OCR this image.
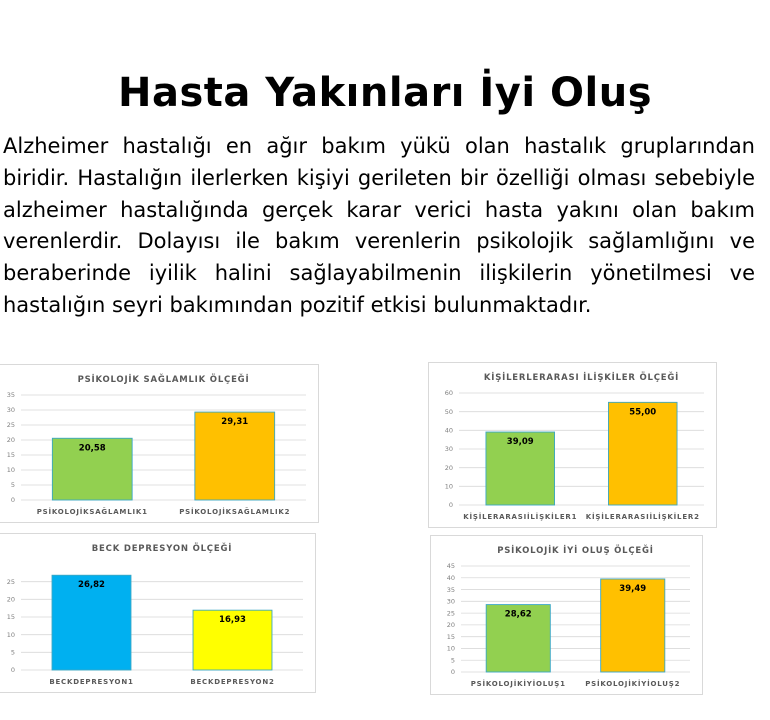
Hasta Yakınları İyi Oluş
Alzheimer hastalığı en ağır bakım yükü olan hastalık gruplarından biridir. Hastalığın ilerlerken kişiyi gerileten bir özelliği olması sebebiyle alzheimer hastalığında gerçek karar verici hasta yakını olan bakım verenlerdir. Dolayısı ile bakım verenlerin psikolojik sağlamlığını ve beraberinde iyilik halini sağlayabilmenin ilişkilerin yönetilmesi ve hastalığın seyri bakımından pozitif etkisi bulunmaktadır.
PSİKOLOJİK SAĞLAMLIK ÖLÇEĞİ
0
5
10
15
20
25
30
35
20,58
PSİKOLOJİKSAĞLAMLIK1
29,31
PSİKOLOJİKSAĞLAMLIK2
KİŞİLERLERARASI İLİŞKİLER ÖLÇEĞİ
0
10
20
30
40
50
60
39,09
KİŞİLERARASIİLİŞKİLER1
55,00
KİŞİLERARASIİLİŞKİLER2
BECK DEPRESYON ÖLÇEĞİ
0
5
10
15
20
25	26,82
BECKDEPRESYON1
16,93
BECKDEPRESYON2
PSİKOLOJİK İYİ OLUŞ ÖLÇEĞİ
0
5
10
15
20
25
30
35
40
45
28,62
PSİKOLOJİKİYİOLUŞ1
39,49
PSİKOLOJİKİYİOLUŞ2
